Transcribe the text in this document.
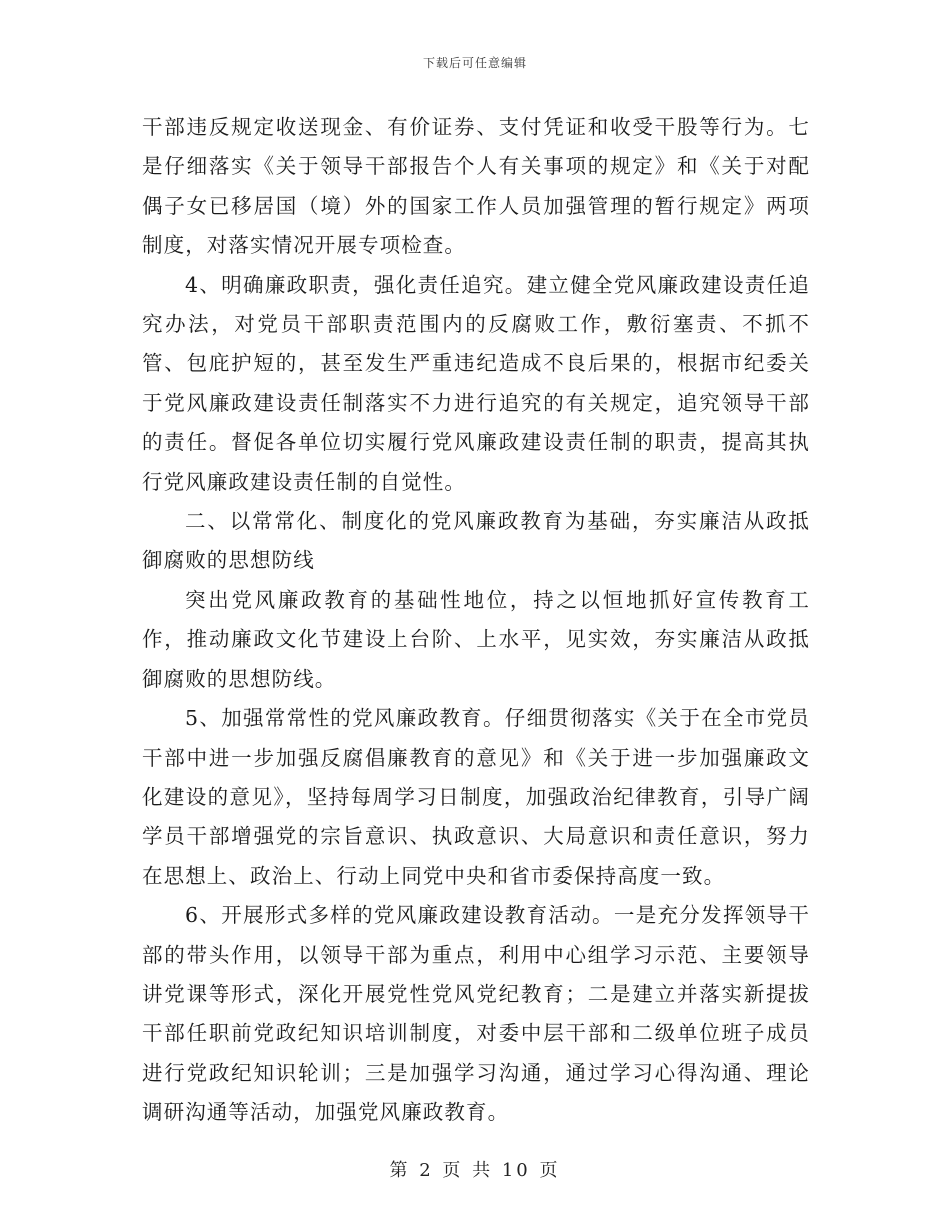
下载后可任意编辑

干部违反规定收送现金、有价证券、支付凭证和收受干股等行为。七是仔细落实《关于领导干部报告个人有关事项的规定》和《关于对配偶子女已移居国（境）外的国家工作人员加强管理的暂行规定》两项制度，对落实情况开展专项检查。

4、明确廉政职责，强化责任追究。建立健全党风廉政建设责任追究办法，对党员干部职责范围内的反腐败工作，敷衍塞责、不抓不管、包庇护短的，甚至发生严重违纪造成不良后果的，根据市纪委关于党风廉政建设责任制落实不力进行追究的有关规定，追究领导干部的责任。督促各单位切实履行党风廉政建设责任制的职责，提高其执行党风廉政建设责任制的自觉性。

二、以常常化、制度化的党风廉政教育为基础，夯实廉洁从政抵御腐败的思想防线

突出党风廉政教育的基础性地位，持之以恒地抓好宣传教育工作，推动廉政文化节建设上台阶、上水平，见实效，夯实廉洁从政抵御腐败的思想防线。

5、加强常常性的党风廉政教育。仔细贯彻落实《关于在全市党员干部中进一步加强反腐倡廉教育的意见》和《关于进一步加强廉政文化建设的意见》，坚持每周学习日制度，加强政治纪律教育，引导广阔学员干部增强党的宗旨意识、执政意识、大局意识和责任意识，努力在思想上、政治上、行动上同党中央和省市委保持高度一致。

6、开展形式多样的党风廉政建设教育活动。一是充分发挥领导干部的带头作用，以领导干部为重点，利用中心组学习示范、主要领导讲党课等形式，深化开展党性党风党纪教育；二是建立并落实新提拔干部任职前党政纪知识培训制度，对委中层干部和二级单位班子成员进行党政纪知识轮训；三是加强学习沟通，通过学习心得沟通、理论调研沟通等活动，加强党风廉政教育。

第 2 页 共 10 页
